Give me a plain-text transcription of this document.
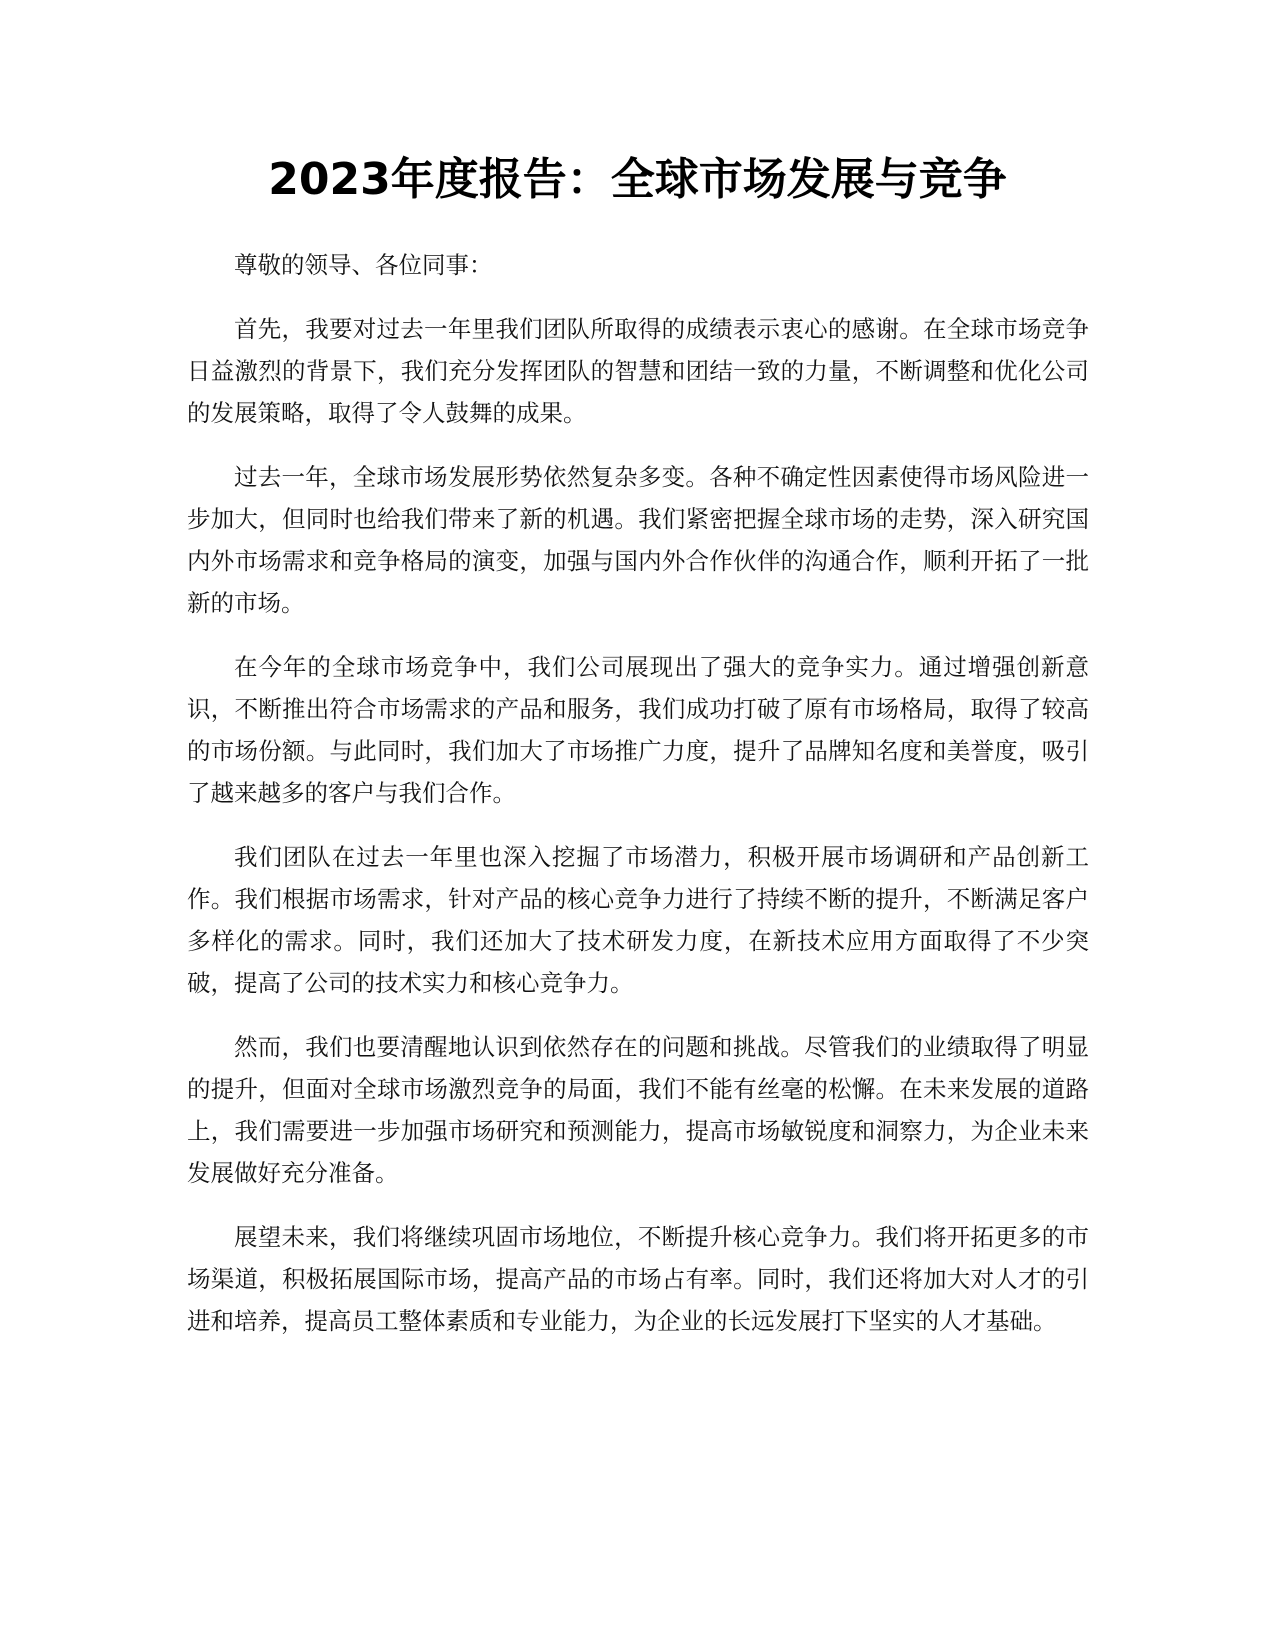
2023年度报告：全球市场发展与竞争

尊敬的领导、各位同事：

首先，我要对过去一年里我们团队所取得的成绩表示衷心的感谢。在全球市场竞争日益激烈的背景下，我们充分发挥团队的智慧和团结一致的力量，不断调整和优化公司的发展策略，取得了令人鼓舞的成果。

过去一年，全球市场发展形势依然复杂多变。各种不确定性因素使得市场风险进一步加大，但同时也给我们带来了新的机遇。我们紧密把握全球市场的走势，深入研究国内外市场需求和竞争格局的演变，加强与国内外合作伙伴的沟通合作，顺利开拓了一批新的市场。

在今年的全球市场竞争中，我们公司展现出了强大的竞争实力。通过增强创新意识，不断推出符合市场需求的产品和服务，我们成功打破了原有市场格局，取得了较高的市场份额。与此同时，我们加大了市场推广力度，提升了品牌知名度和美誉度，吸引了越来越多的客户与我们合作。

我们团队在过去一年里也深入挖掘了市场潜力，积极开展市场调研和产品创新工作。我们根据市场需求，针对产品的核心竞争力进行了持续不断的提升，不断满足客户多样化的需求。同时，我们还加大了技术研发力度，在新技术应用方面取得了不少突破，提高了公司的技术实力和核心竞争力。

然而，我们也要清醒地认识到依然存在的问题和挑战。尽管我们的业绩取得了明显的提升，但面对全球市场激烈竞争的局面，我们不能有丝毫的松懈。在未来发展的道路上，我们需要进一步加强市场研究和预测能力，提高市场敏锐度和洞察力，为企业未来发展做好充分准备。

展望未来，我们将继续巩固市场地位，不断提升核心竞争力。我们将开拓更多的市场渠道，积极拓展国际市场，提高产品的市场占有率。同时，我们还将加大对人才的引进和培养，提高员工整体素质和专业能力，为企业的长远发展打下坚实的人才基础。
